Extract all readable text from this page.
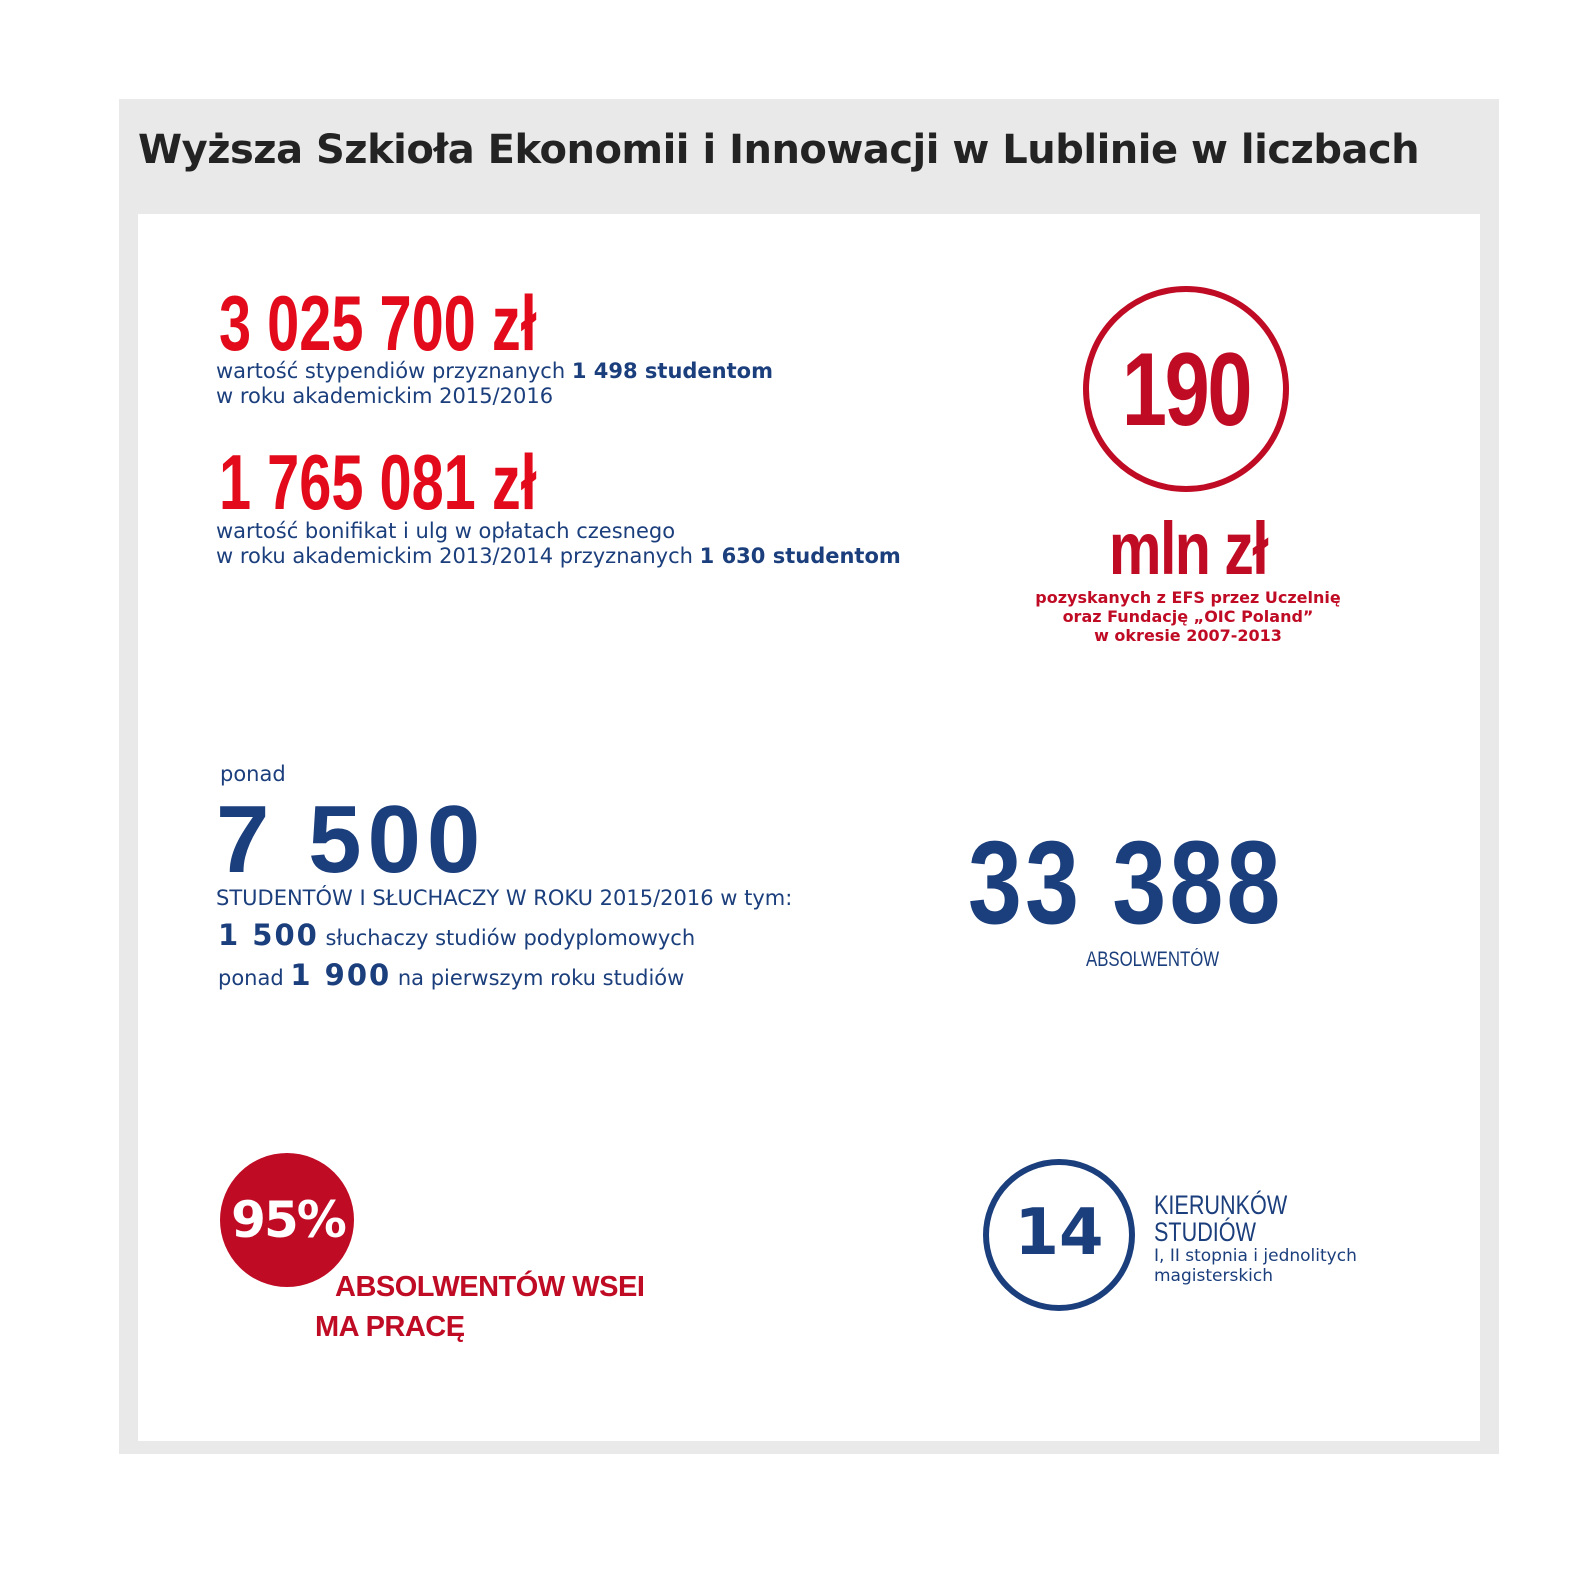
Wyższa Szkioła Ekonomii i Innowacji w Lublinie w liczbach
3 025 700 zł
wartość stypendiów przyznanych 1 498 studentom
w roku akademickim 2015/2016
1 765 081 zł
wartość bonifikat i ulg w opłatach czesnego
w roku akademickim 2013/2014 przyznanych 1 630 studentom
190
mln zł
pozyskanych z EFS przez Uczelnię
oraz Fundację „OIC Poland”
w okresie 2007-2013
ponad
7 500
STUDENTÓW I SŁUCHACZY W ROKU 2015/2016 w tym:
1 500 słuchaczy studiów podyplomowych
ponad 1 900 na pierwszym roku studiów
33 388
ABSOLWENTÓW
95%
ABSOLWENTÓW WSEI
MA PRACĘ
14	KIERUNKÓW
STUDIÓW
I, II stopnia i jednolitych
magisterskich
